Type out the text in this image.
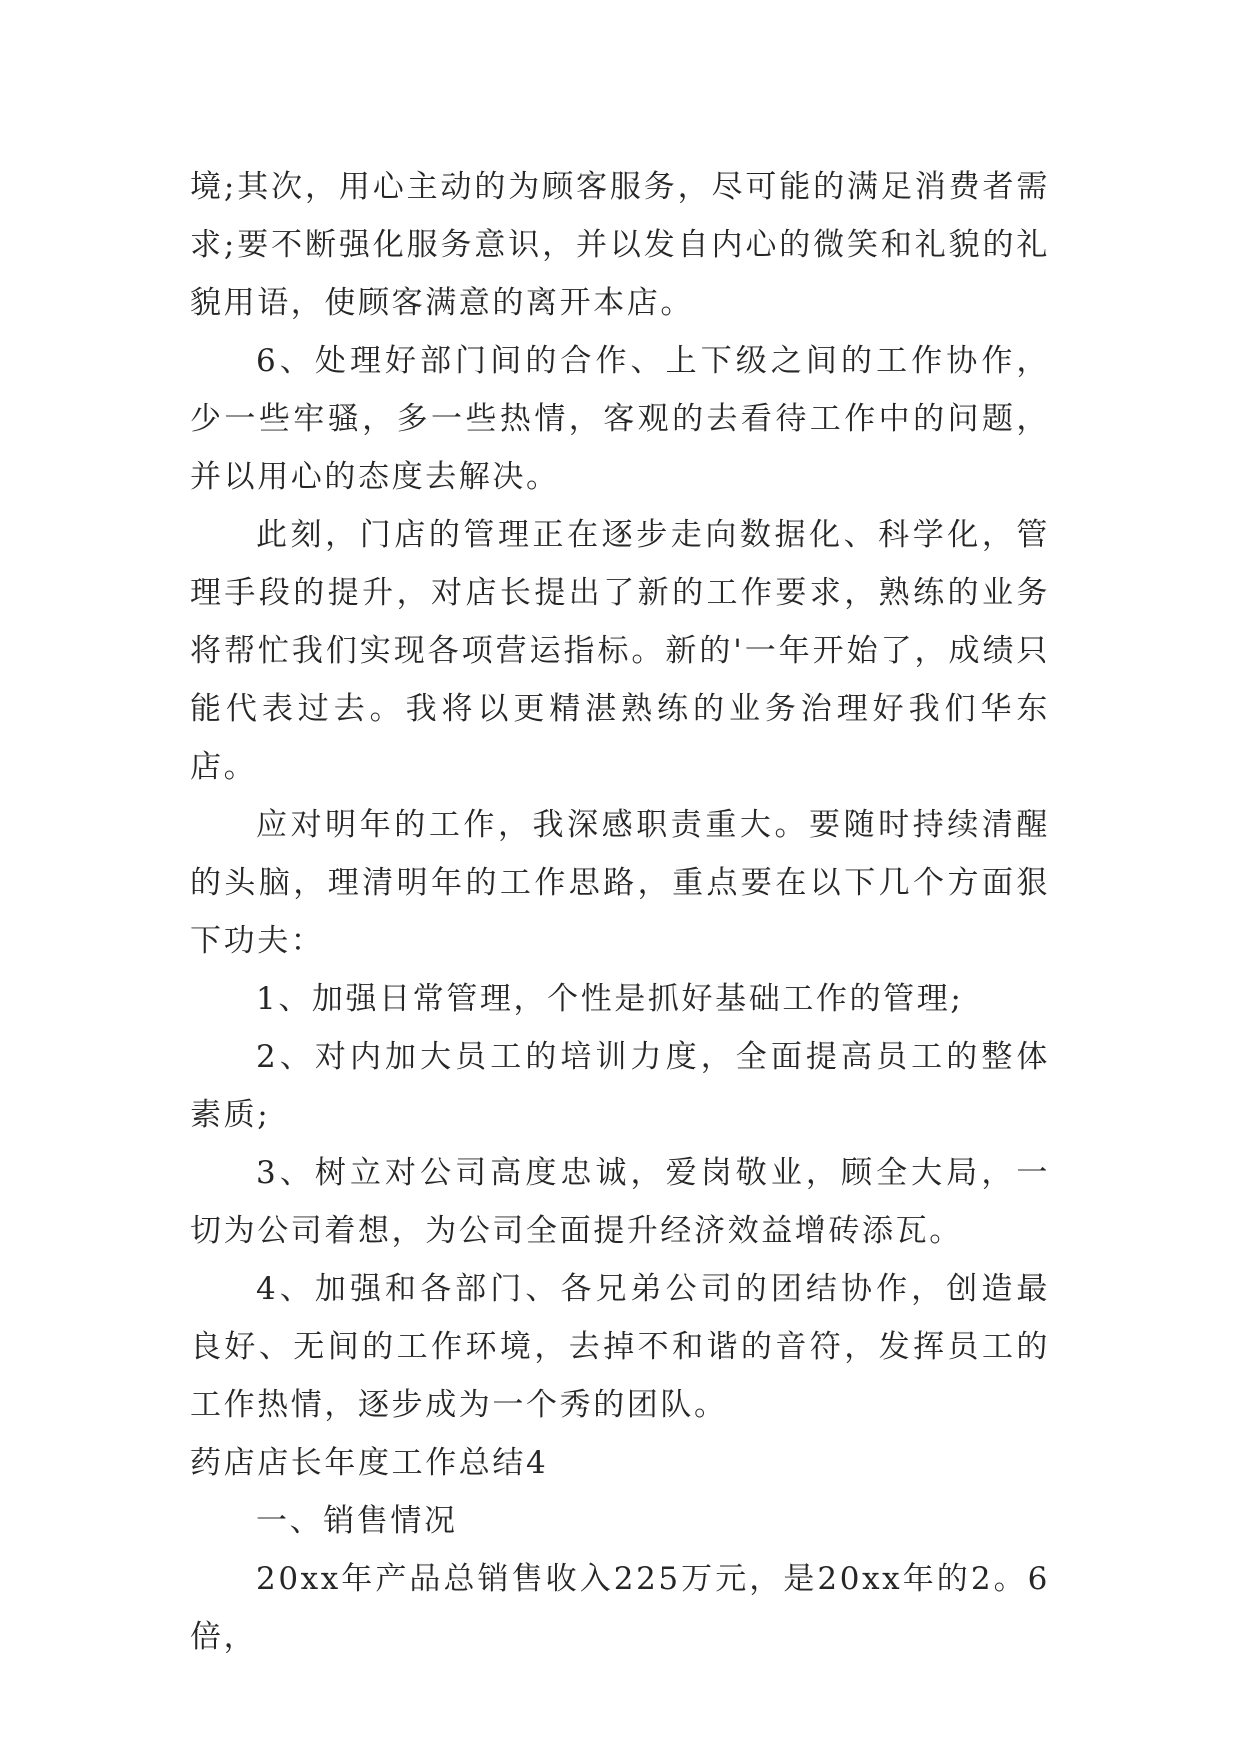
境;其次，用心主动的为顾客服务，尽可能的满足消费者需求;要不断强化服务意识，并以发自内心的微笑和礼貌的礼貌用语，使顾客满意的离开本店。

6、处理好部门间的合作、上下级之间的工作协作，少一些牢骚，多一些热情，客观的去看待工作中的问题，并以用心的态度去解决。

此刻，门店的管理正在逐步走向数据化、科学化，管理手段的提升，对店长提出了新的工作要求，熟练的业务将帮忙我们实现各项营运指标。新的'一年开始了，成绩只能代表过去。我将以更精湛熟练的业务治理好我们华东店。

应对明年的工作，我深感职责重大。要随时持续清醒的头脑，理清明年的工作思路，重点要在以下几个方面狠下功夫：

1、加强日常管理，个性是抓好基础工作的管理;

2、对内加大员工的培训力度，全面提高员工的整体素质;

3、树立对公司高度忠诚，爱岗敬业，顾全大局，一切为公司着想，为公司全面提升经济效益增砖添瓦。

4、加强和各部门、各兄弟公司的团结协作，创造最良好、无间的工作环境，去掉不和谐的音符，发挥员工的工作热情，逐步成为一个秀的团队。

药店店长年度工作总结4

一、销售情况

20xx年产品总销售收入225万元，是20xx年的2。6倍，
